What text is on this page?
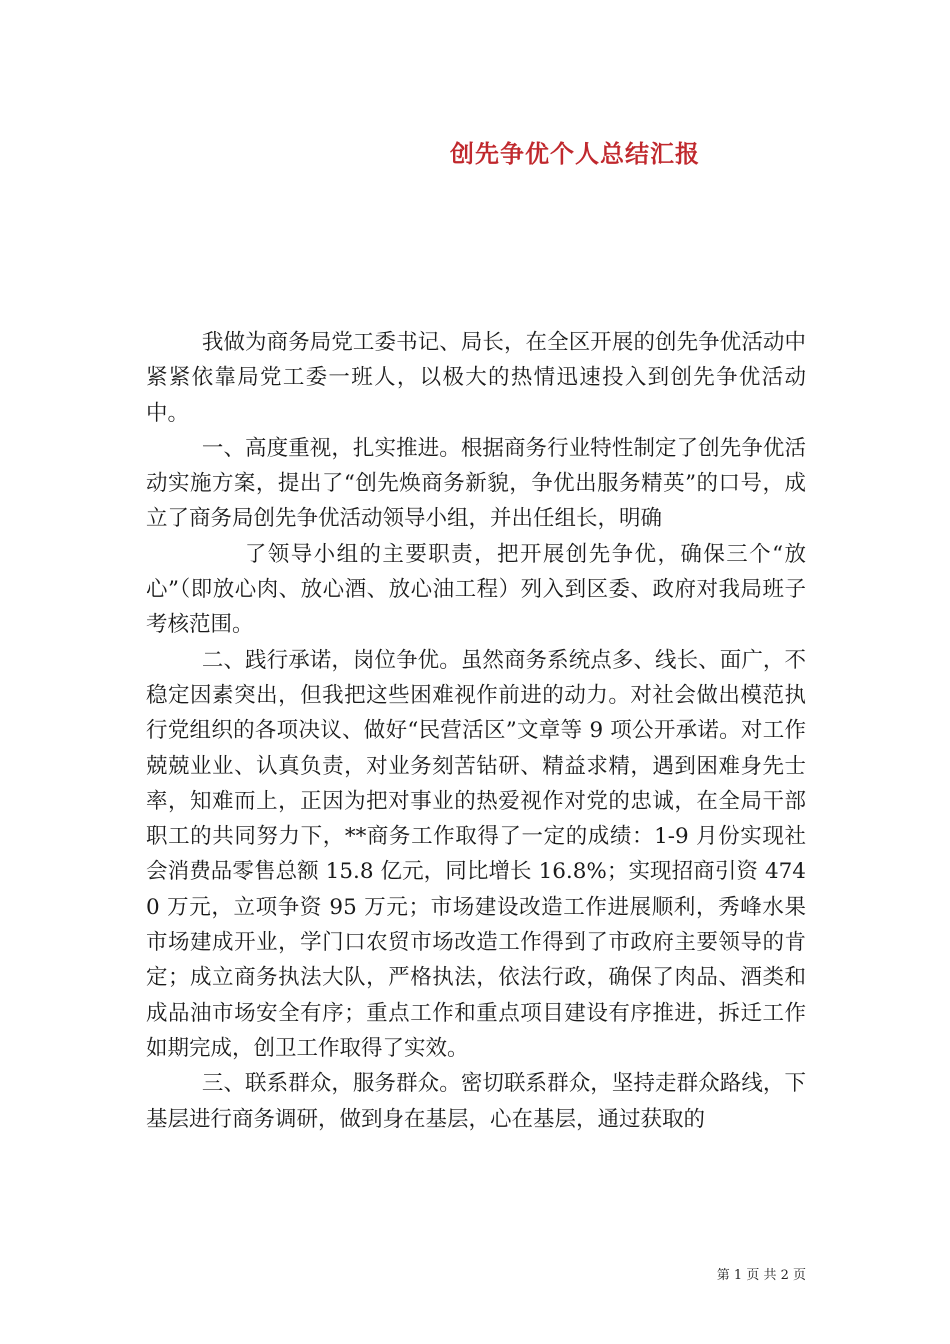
创先争优个人总结汇报

我做为商务局党工委书记、局长，在全区开展的创先争优活动中紧紧依靠局党工委一班人，以极大的热情迅速投入到创先争优活动中。

一、高度重视，扎实推进。根据商务行业特性制定了创先争优活动实施方案，提出了“创先焕商务新貌，争优出服务精英”的口号，成立了商务局创先争优活动领导小组，并出任组长，明确

了领导小组的主要职责，把开展创先争优，确保三个“放心”（即放心肉、放心酒、放心油工程）列入到区委、政府对我局班子考核范围。

二、践行承诺，岗位争优。虽然商务系统点多、线长、面广，不稳定因素突出，但我把这些困难视作前进的动力。对社会做出模范执行党组织的各项决议、做好“民营活区”文章等 9 项公开承诺。对工作兢兢业业、认真负责，对业务刻苦钻研、精益求精，遇到困难身先士率，知难而上，正因为把对事业的热爱视作对党的忠诚，在全局干部职工的共同努力下，**商务工作取得了一定的成绩：1-9 月份实现社会消费品零售总额 15.8 亿元，同比增长 16.8%；实现招商引资 4740 万元，立项争资 95 万元；市场建设改造工作进展顺利，秀峰水果市场建成开业，学门口农贸市场改造工作得到了市政府主要领导的肯定；成立商务执法大队，严格执法，依法行政，确保了肉品、酒类和成品油市场安全有序；重点工作和重点项目建设有序推进，拆迁工作如期完成，创卫工作取得了实效。

三、联系群众，服务群众。密切联系群众，坚持走群众路线，下基层进行商务调研，做到身在基层，心在基层，通过获取的

第 1 页 共 2 页
